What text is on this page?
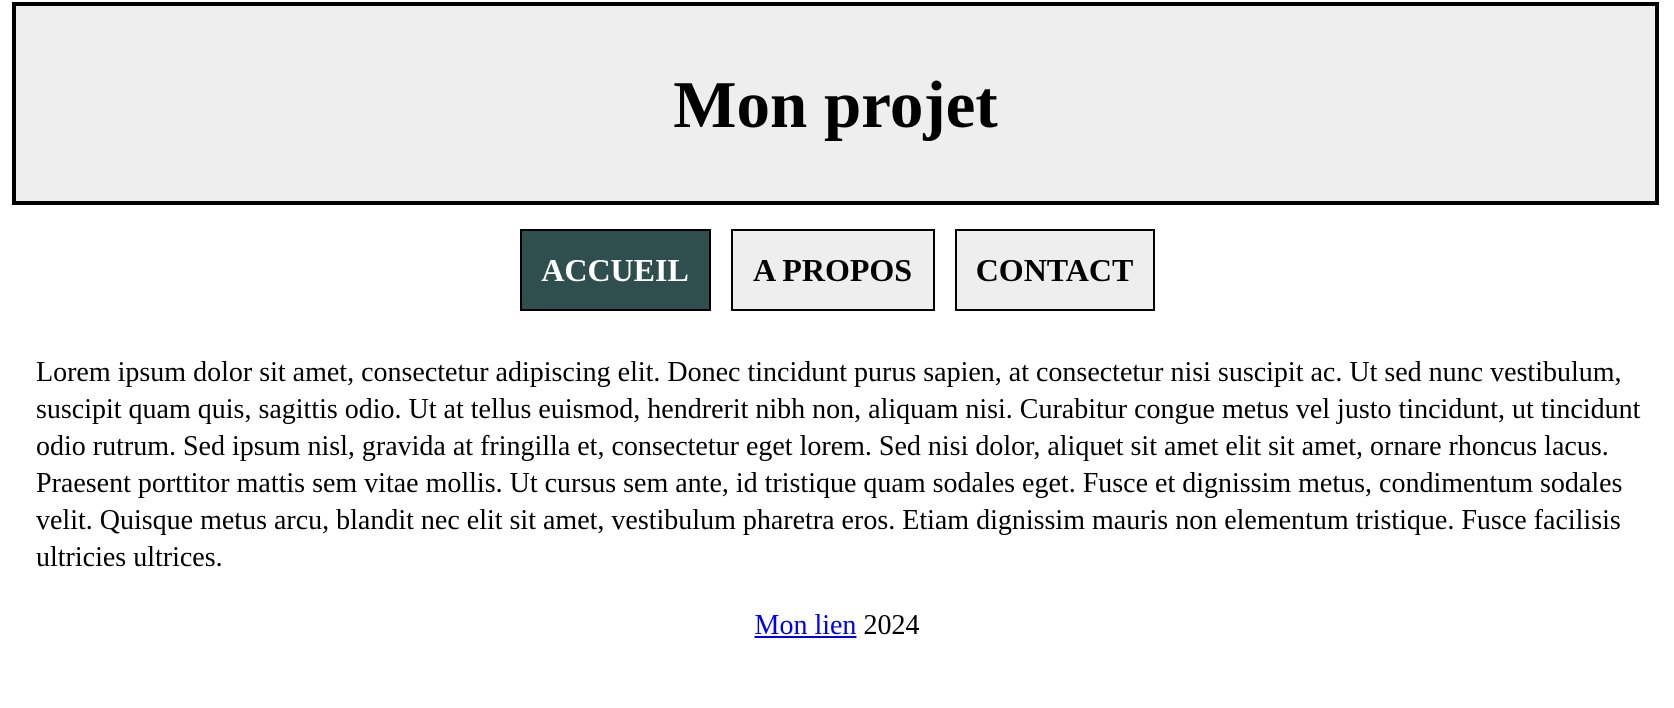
Mon projet
ACCUEIL	A PROPOS	CONTACT

Lorem ipsum dolor sit amet, consectetur adipiscing elit. Donec tincidunt purus sapien, at consectetur nisi suscipit ac. Ut sed nunc vestibulum, suscipit quam quis, sagittis odio. Ut at tellus euismod, hendrerit nibh non, aliquam nisi. Curabitur congue metus vel justo tincidunt, ut tincidunt odio rutrum. Sed ipsum nisl, gravida at fringilla et, consectetur eget lorem. Sed nisi dolor, aliquet sit amet elit sit amet, ornare rhoncus lacus. Praesent porttitor mattis sem vitae mollis. Ut cursus sem ante, id tristique quam sodales eget. Fusce et dignissim metus, condimentum sodales velit. Quisque metus arcu, blandit nec elit sit amet, vestibulum pharetra eros. Etiam dignissim mauris non elementum tristique. Fusce facilisis ultricies ultrices.

Mon lien 2024
